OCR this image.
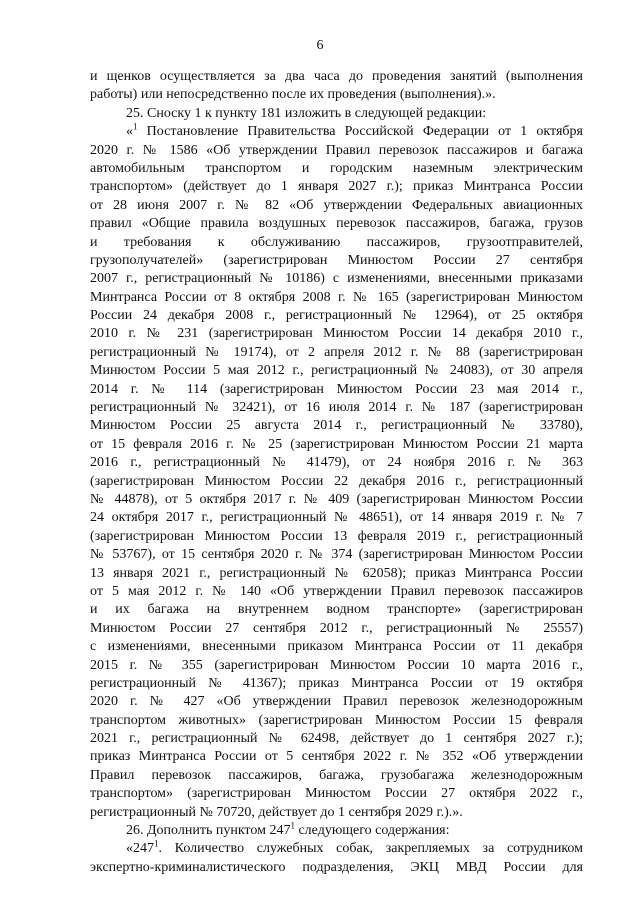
6
и щенков осуществляется за два часа до проведения занятий (выполнения
работы) или непосредственно после их проведения (выполнения).».
25. Сноску 1 к пункту 181 изложить в следующей редакции:
«$^1$ Постановление Правительства Российской Федерации от 1 октября
2020 г. № 1586 «Об утверждении Правил перевозок пассажиров и багажа
автомобильным транспортом и городским наземным электрическим
транспортом» (действует до 1 января 2027 г.); приказ Минтранса России
от 28 июня 2007 г. № 82 «Об утверждении Федеральных авиационных
правил «Общие правила воздушных перевозок пассажиров, багажа, грузов
и требования к обслуживанию пассажиров, грузоотправителей,
грузополучателей» (зарегистрирован Минюстом России 27 сентября
2007 г., регистрационный № 10186) с изменениями, внесенными приказами
Минтранса России от 8 октября 2008 г. № 165 (зарегистрирован Минюстом
России 24 декабря 2008 г., регистрационный № 12964), от 25 октября
2010 г. № 231 (зарегистрирован Минюстом России 14 декабря 2010 г.,
регистрационный № 19174), от 2 апреля 2012 г. № 88 (зарегистрирован
Минюстом России 5 мая 2012 г., регистрационный № 24083), от 30 апреля
2014 г. № 114 (зарегистрирован Минюстом России 23 мая 2014 г.,
регистрационный № 32421), от 16 июля 2014 г. № 187 (зарегистрирован
Минюстом России 25 августа 2014 г., регистрационный № 33780),
от 15 февраля 2016 г. № 25 (зарегистрирован Минюстом России 21 марта
2016 г., регистрационный № 41479), от 24 ноября 2016 г. № 363
(зарегистрирован Минюстом России 22 декабря 2016 г., регистрационный
№ 44878), от 5 октября 2017 г. № 409 (зарегистрирован Минюстом России
24 октября 2017 г., регистрационный № 48651), от 14 января 2019 г. № 7
(зарегистрирован Минюстом России 13 февраля 2019 г., регистрационный
№ 53767), от 15 сентября 2020 г. № 374 (зарегистрирован Минюстом России
13 января 2021 г., регистрационный № 62058); приказ Минтранса России
от 5 мая 2012 г. № 140 «Об утверждении Правил перевозок пассажиров
и их багажа на внутреннем водном транспорте» (зарегистрирован
Минюстом России 27 сентября 2012 г., регистрационный № 25557)
с изменениями, внесенными приказом Минтранса России от 11 декабря
2015 г. № 355 (зарегистрирован Минюстом России 10 марта 2016 г.,
регистрационный № 41367); приказ Минтранса России от 19 октября
2020 г. № 427 «Об утверждении Правил перевозок железнодорожным
транспортом животных» (зарегистрирован Минюстом России 15 февраля
2021 г., регистрационный № 62498, действует до 1 сентября 2027 г.);
приказ Минтранса России от 5 сентября 2022 г. № 352 «Об утверждении
Правил перевозок пассажиров, багажа, грузобагажа железнодорожным
транспортом» (зарегистрирован Минюстом России 27 октября 2022 г.,
регистрационный № 70720, действует до 1 сентября 2029 г.).».
26. Дополнить пунктом $247^1$ следующего содержания:
«$247^1$. Количество служебных собак, закрепляемых за сотрудником
экспертно-криминалистического подразделения, ЭКЦ МВД России для
